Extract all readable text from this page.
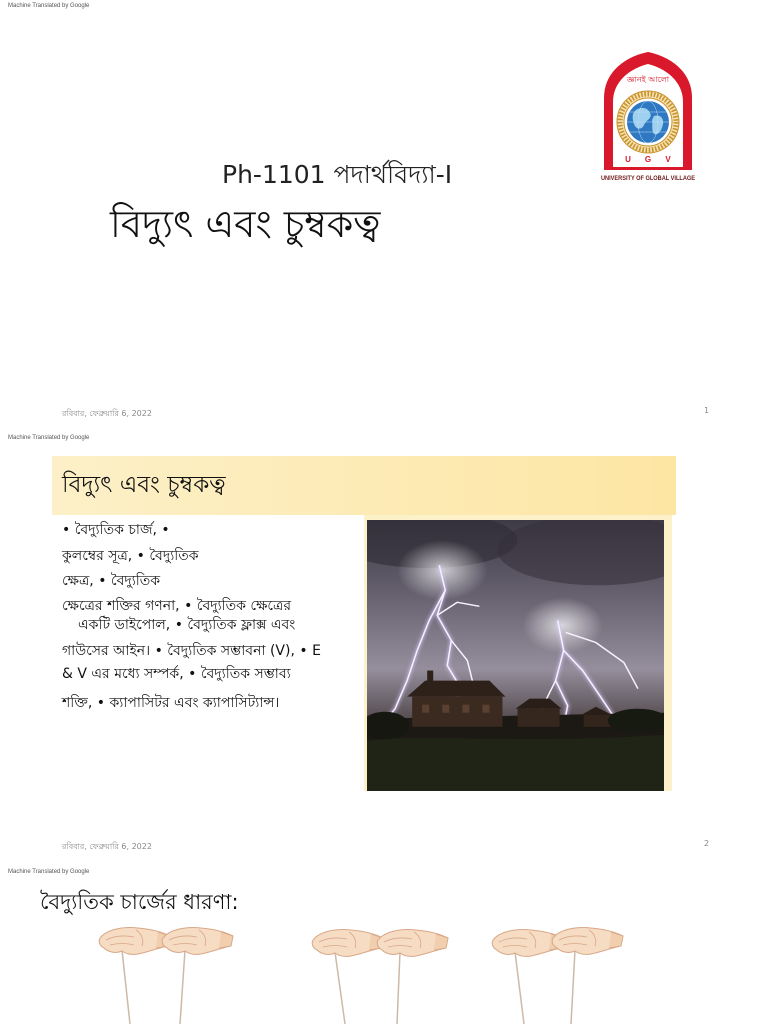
Machine Translated by Google
Ph-1101 পদার্থবিদ্যা-I
বিদ্যুৎ এবং চুম্বকত্ব
জ্ঞানই আলো
U G V
UNIVERSITY OF GLOBAL VILLAGE
রবিবার, ফেব্রুয়ারি 6, 2022	1
Machine Translated by Google
বিদ্যুৎ এবং চুম্বকত্ব
• বৈদ্যুতিক চার্জ, •
কুলম্বের সূত্র, • বৈদ্যুতিক
ক্ষেত্র, • বৈদ্যুতিক
ক্ষেত্রের শক্তির গণনা, • বৈদ্যুতিক ক্ষেত্রের
একটি ডাইপোল, • বৈদ্যুতিক ফ্লাক্স এবং
গাউসের আইন। • বৈদ্যুতিক সম্ভাবনা (V), • E
& V এর মধ্যে সম্পর্ক, • বৈদ্যুতিক সম্ভাব্য
শক্তি, • ক্যাপাসিটর এবং ক্যাপাসিট্যান্স।
রবিবার, ফেব্রুয়ারি 6, 2022	2
Machine Translated by Google
বৈদ্যুতিক চার্জের ধারণা:
